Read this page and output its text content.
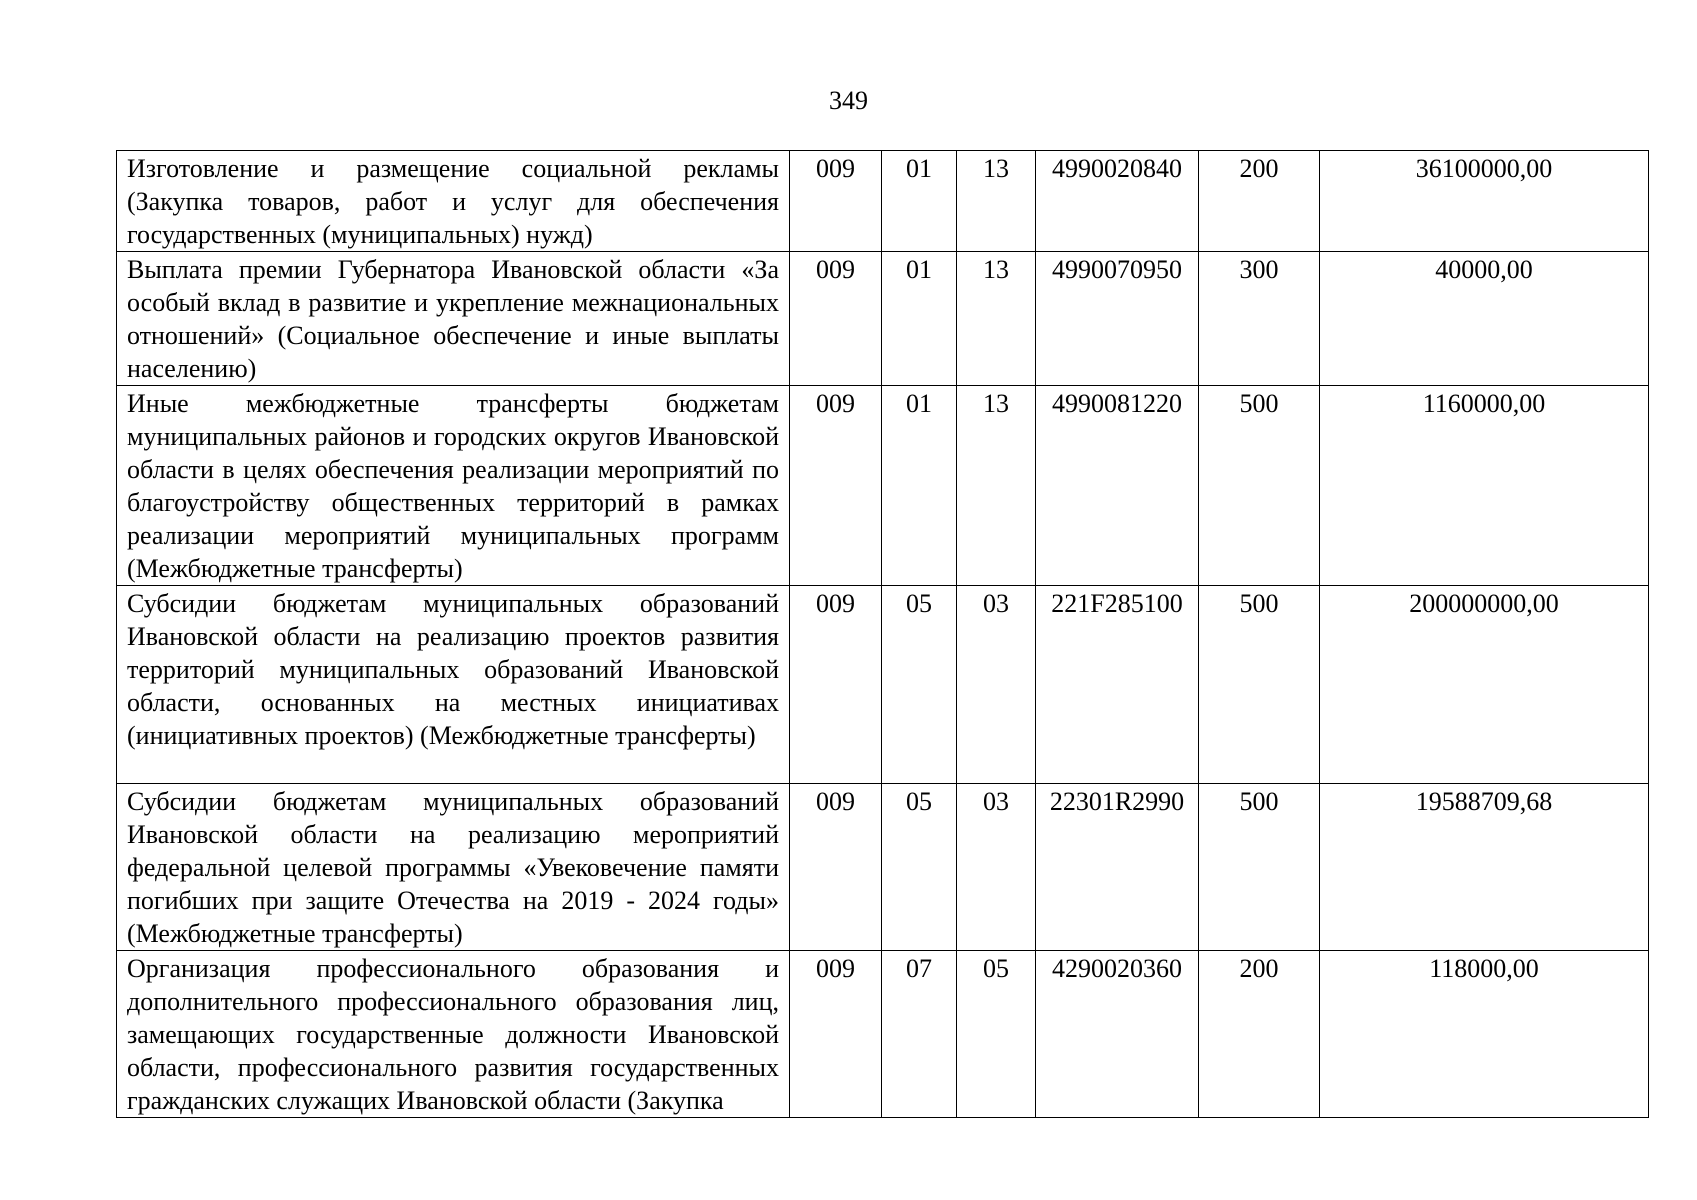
349
Изготовление и размещение социальной рекламы (Закупка товаров, работ и услуг для обеспечения государственных (муниципальных) нужд)	009	01	13	4990020840	200	36100000,00
Выплата премии Губернатора Ивановской области «За особый вклад в развитие и укрепление межнациональных отношений» (Социальное обеспечение и иные выплаты населению)	009	01	13	4990070950	300	40000,00
Иные межбюджетные трансферты бюджетам муниципальных районов и городских округов Ивановской области в целях обеспечения реализации мероприятий по благоустройству общественных территорий в рамках реализации мероприятий муниципальных программ (Межбюджетные трансферты)	009	01	13	4990081220	500	1160000,00
Субсидии бюджетам муниципальных образований Ивановской области на реализацию проектов развития территорий муниципальных образований Ивановской области, основанных на местных инициативах (инициативных проектов) (Межбюджетные трансферты)	009	05	03	221F285100	500	200000000,00
Субсидии бюджетам муниципальных образований Ивановской области на реализацию мероприятий федеральной целевой программы «Увековечение памяти погибших при защите Отечества на 2019 - 2024 годы» (Межбюджетные трансферты)	009	05	03	22301R2990	500	19588709,68
Организация профессионального образования и дополнительного профессионального образования лиц, замещающих государственные должности Ивановской области, профессионального развития государственных гражданских служащих Ивановской области (Закупка	009	07	05	4290020360	200	118000,00
